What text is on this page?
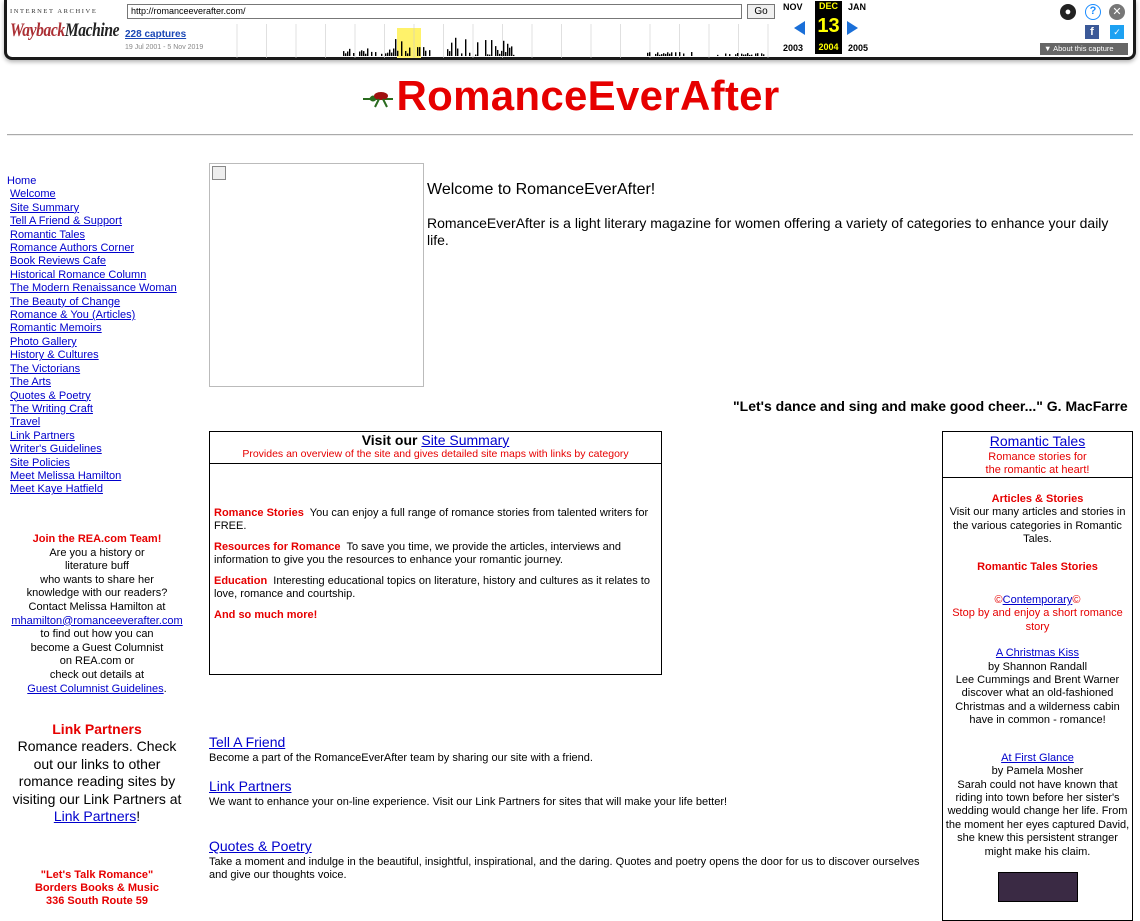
INTERNET ARCHIVE
WaybackMachine
http://romanceeverafter.com/	Go
228 captures
19 Jul 2001 - 5 Nov 2019
NOV	DEC	JAN
13
2003	2004	2005
●	?	✕
f	✓
▼ About this capture
RomanceEverAfter
Home
Welcome
Site Summary
Tell A Friend & Support
Romantic Tales
Romance Authors Corner
Book Reviews Cafe
Historical Romance Column
The Modern Renaissance Woman
The Beauty of Change
Romance & You (Articles)
Romantic Memoirs
Photo Gallery
History & Cultures
The Victorians
The Arts
Quotes & Poetry
The Writing Craft
Travel
Link Partners
Writer's Guidelines
Site Policies
Meet Melissa Hamilton
Meet Kaye Hatfield
Join the REA.com Team!
Are you a history or
literature buff
who wants to share her
knowledge with our readers?
Contact Melissa Hamilton at
mhamilton@romanceeverafter.com
to find out how you can
become a Guest Columnist
on REA.com or
check out details at
Guest Columnist Guidelines.
Link Partners
Romance readers. Check out our links to other romance reading sites by visiting our Link Partners at Link Partners!
"Let's Talk Romance"
Borders Books & Music
336 South Route 59
Welcome to RomanceEverAfter!
RomanceEverAfter is a light literary magazine for women offering a variety of categories to enhance your daily life.
"Let's dance and sing and make good cheer..." G. MacFarre
Visit our Site Summary
Provides an overview of the site and gives detailed site maps with links by category

Romance Stories You can enjoy a full range of romance stories from talented writers for FREE.

Resources for Romance To save you time, we provide the articles, interviews and information to give you the resources to enhance your romantic journey.

Education Interesting educational topics on literature, history and cultures as it relates to love, romance and courtship.

And so much more!

Tell A Friend
Become a part of the RomanceEverAfter team by sharing our site with a friend.
Link Partners
We want to enhance your on-line experience. Visit our Link Partners for sites that will make your life better!
Quotes & Poetry
Take a moment and indulge in the beautiful, insightful, inspirational, and the daring. Quotes and poetry opens the door for us to discover ourselves and give our thoughts voice.
Romantic Tales
Romance stories for
the romantic at heart!

Articles & Stories
Visit our many articles and stories in the various categories in Romantic Tales.

Romantic Tales Stories

©Contemporary©
Stop by and enjoy a short romance story

A Christmas Kiss
by Shannon Randall
Lee Cummings and Brent Warner discover what an old-fashioned Christmas and a wilderness cabin have in common - romance!

At First Glance
by Pamela Mosher
Sarah could not have known that riding into town before her sister's wedding would change her life. From the moment her eyes captured David, she knew this persistent stranger might make his claim.
